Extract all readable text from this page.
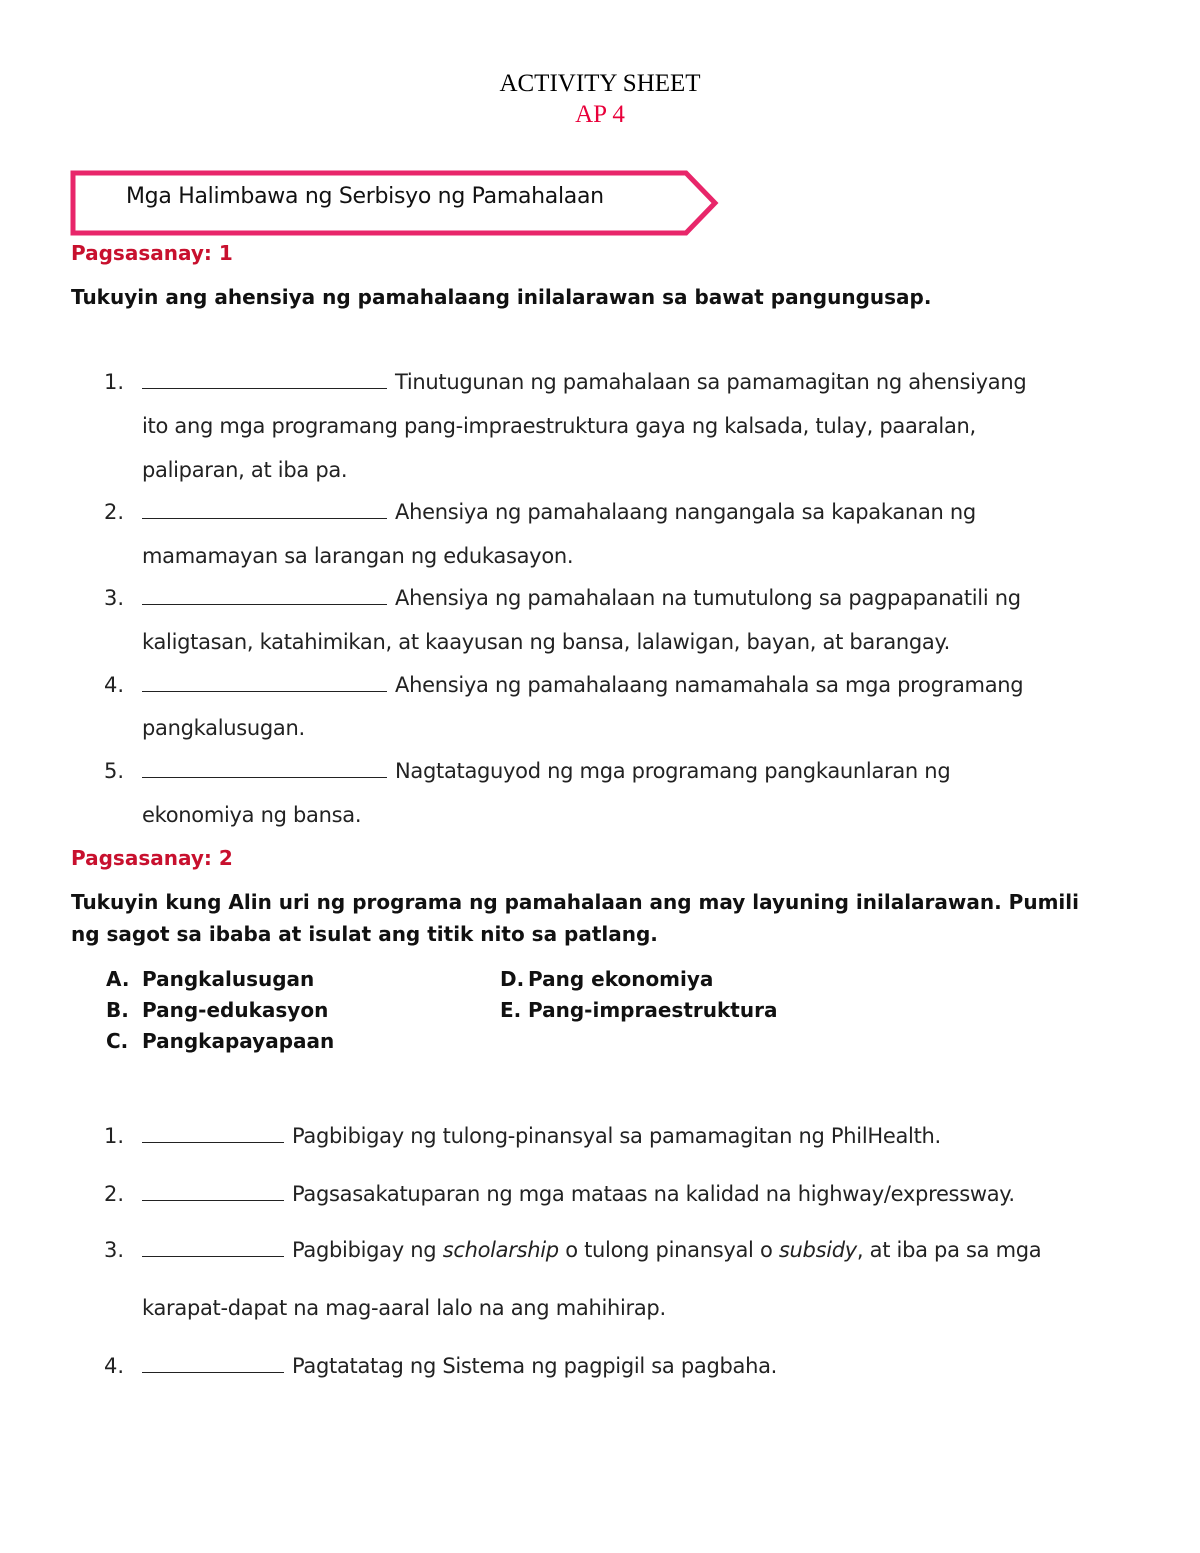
ACTIVITY SHEET
AP 4
Mga Halimbawa ng Serbisyo ng Pamahalaan
Pagsasanay: 1
Tukuyin ang ahensiya ng pamahalaang inilalarawan sa bawat pangungusap.
1.	Tinutugunan ng pamahalaan sa pamamagitan ng ahensiyang
ito ang mga programang pang-impraestruktura gaya ng kalsada, tulay, paaralan,
paliparan, at iba pa.
2.	Ahensiya ng pamahalaang nangangala sa kapakanan ng
mamamayan sa larangan ng edukasayon.
3.	Ahensiya ng pamahalaan na tumutulong sa pagpapanatili ng
kaligtasan, katahimikan, at kaayusan ng bansa, lalawigan, bayan, at barangay.
4.	Ahensiya ng pamahalaang namamahala sa mga programang
pangkalusugan.
5.	Nagtataguyod ng mga programang pangkaunlaran ng
ekonomiya ng bansa.
Pagsasanay: 2
Tukuyin kung Alin uri ng programa ng pamahalaan ang may layuning inilalarawan. Pumili
ng sagot sa ibaba at isulat ang titik nito sa patlang.
A. Pangkalusugan
B. Pang-edukasyon
C. Pangkapayapaan
D. Pang ekonomiya
E. Pang-impraestruktura
1.	Pagbibigay ng tulong-pinansyal sa pamamagitan ng PhilHealth.
2.	Pagsasakatuparan ng mga mataas na kalidad na highway/expressway.
3.	Pagbibigay ng scholarship o tulong pinansyal o subsidy, at iba pa sa mga
karapat-dapat na mag-aaral lalo na ang mahihirap.
4.	Pagtatatag ng Sistema ng pagpigil sa pagbaha.
